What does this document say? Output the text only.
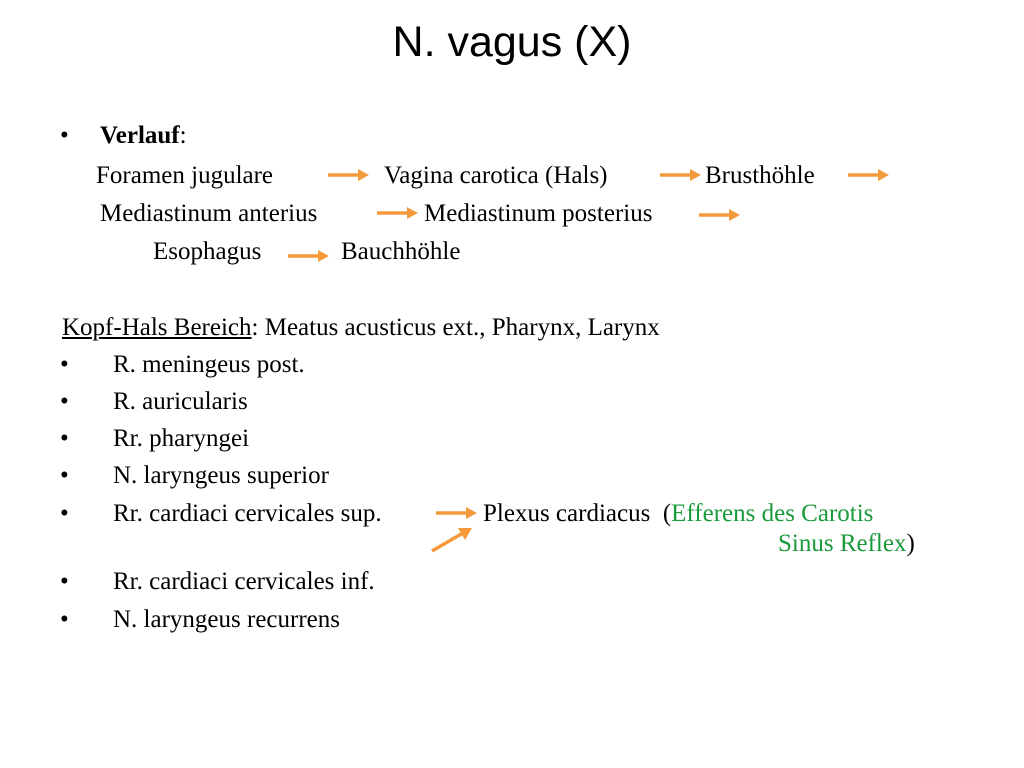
N. vagus (X)
• Verlauf:
Foramen jugulare	Vagina carotica (Hals)	Brusthöhle
Mediastinum anterius	Mediastinum posterius
Esophagus	Bauchhöhle
Kopf-Hals Bereich: Meatus acusticus ext., Pharynx, Larynx
• R. meningeus post.
• R. auricularis
• Rr. pharyngei
• N. laryngeus superior
• Rr. cardiaci cervicales sup.	Plexus cardiacus (Efferens des Carotis
Sinus Reflex)
• Rr. cardiaci cervicales inf.
• N. laryngeus recurrens
